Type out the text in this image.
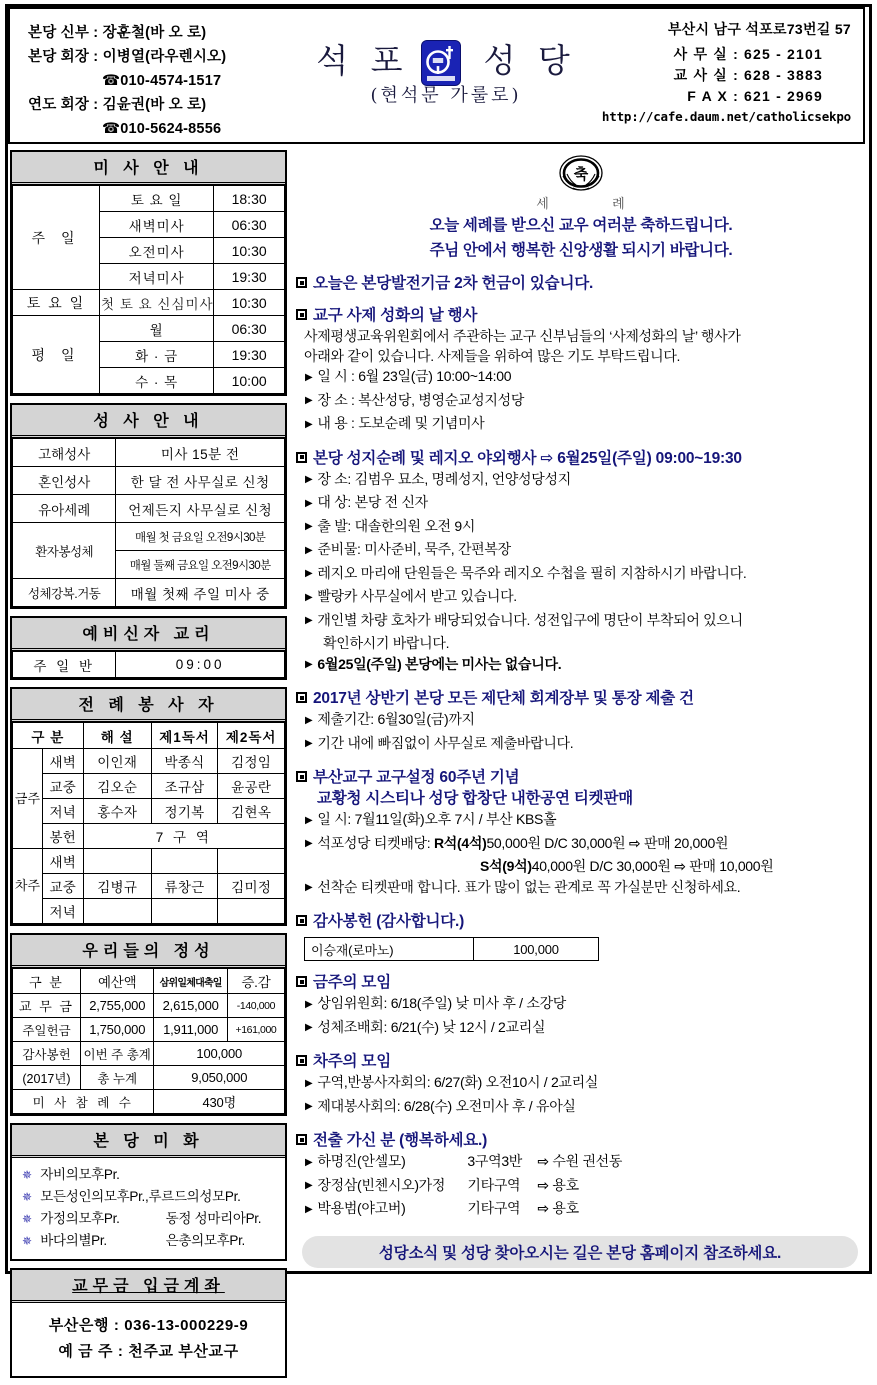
본당 신부 : 장훈철(바 오 로)
본당 회장 : 이병열(라우렌시오)
☎010-4574-1517
연도 회장 : 김윤권(바 오 로)
☎010-5624-8556
석 포 성 당
(현석문 가룰로)
부산시 남구 석포로73번길 57
사 무 실 : 625 - 2101
교 사 실 : 628 - 3883
F A X : 621 - 2969
http://cafe.daum.net/catholicsekpo
미 사 안 내
주 일	토 요 일	18:30
	새벽미사	06:30
	오전미사	10:30
	저녁미사	19:30
토 요 일	첫 토 요 신심미사	10:30
평 일	월	06:30
	화 · 금	19:30
	수 · 목	10:00
성 사 안 내
고해성사	미사 15분 전
혼인성사	한 달 전 사무실로 신청
유아세례	언제든지 사무실로 신청
환자봉성체	매월 첫 금요일 오전9시30분
	매월 둘째 금요일 오전9시30분
성체강복.거동	매월 첫째 주일 미사 중
예비신자 교리
주 일 반	09:00
전 례 봉 사 자
구 분		해 설	제1독서	제2독서
금주	새벽	이인재	박종식	김정임
	교중	김오순	조규삼	윤공란
	저녁	홍수자	정기복	김현옥
	봉헌	7 구 역		
차주	새벽			
	교중	김병규	류창근	김미정
	저녁			
우리들의 정성
구 분	예산액	삼위일체대축일	증.감
교 무 금	2,755,000	2,615,000	-140,000
주일헌금	1,750,000	1,911,000	+161,000
감사봉헌	이번 주 총계	100,000	
(2017년)	총 누계	9,050,000	
미 사 참 례 수		430명	
본 당 미 화
✵ 자비의모후Pr.
✵ 모든성인의모후Pr.,루르드의성모Pr.
✵ 가정의모후Pr.	동정 성마리아Pr.
✵ 바다의별Pr.	은총의모후Pr.
교무금 입금계좌
부산은행 : 036-13-000229-9
예 금 주 : 천주교 부산교구
축
세	례
오늘 세례를 받으신 교우 여러분 축하드립니다.
주님 안에서 행복한 신앙생활 되시기 바랍니다.
오늘은 본당발전기금 2차 헌금이 있습니다.
교구 사제 성화의 날 행사
사제평생교육위원회에서 주관하는 교구 신부님들의 ‘사제성화의 날’ 행사가
아래와 같이 있습니다. 사제들을 위하여 많은 기도 부탁드립니다.
▶ 일 시 : 6월 23일(금) 10:00~14:00
▶ 장 소 : 복산성당, 병영순교성지성당
▶ 내 용 : 도보순례 및 기념미사
본당 성지순례 및 레지오 야외행사 ⇨ 6월25일(주일) 09:00~19:30
▶ 장 소: 김범우 묘소, 명례성지, 언양성당성지
▶ 대 상: 본당 전 신자
▶ 출 발: 대솔한의원 오전 9시
▶ 준비물: 미사준비, 묵주, 간편복장
▶ 레지오 마리애 단원들은 묵주와 레지오 수첩을 필히 지참하시기 바랍니다.
▶ 빨랑카 사무실에서 받고 있습니다.
▶ 개인별 차량 호차가 배당되었습니다. 성전입구에 명단이 부착되어 있으니
확인하시기 바랍니다.
▶ 6월25일(주일) 본당에는 미사는 없습니다.
2017년 상반기 본당 모든 제단체 회계장부 및 통장 제출 건
▶ 제출기간: 6월30일(금)까지
▶ 기간 내에 빠짐없이 사무실로 제출바랍니다.
부산교구 교구설정 60주년 기념
교황청 시스티나 성당 합창단 내한공연 티켓판매
▶ 일 시: 7월11일(화)오후 7시 / 부산 KBS홀
▶ 석포성당 티켓배당: R석(4석)50,000원 D/C 30,000원 ⇨ 판매 20,000원
S석(9석)40,000원 D/C 30,000원 ⇨ 판매 10,000원
▶ 선착순 티켓판매 합니다. 표가 많이 없는 관계로 꼭 가실분만 신청하세요.
감사봉헌 (감사합니다.)
이승재(로마노)	100,000
금주의 모임
▶ 상임위원회: 6/18(주일) 낮 미사 후 / 소강당
▶ 성체조배회: 6/21(수) 낮 12시 / 2교리실
차주의 모임
▶ 구역,반봉사자회의: 6/27(화) 오전10시 / 2교리실
▶ 제대봉사회의: 6/28(수) 오전미사 후 / 유아실
전출 가신 분 (행복하세요.)
▶ 하명진(안셀모)	3구역3반 ⇨ 수원 권선동
▶ 장정삼(빈첸시오)가정 기타구역 ⇨ 용호
▶ 박용범(야고버)	기타구역 ⇨ 용호
성당소식 및 성당 찾아오시는 길은 본당 홈페이지 참조하세요.
